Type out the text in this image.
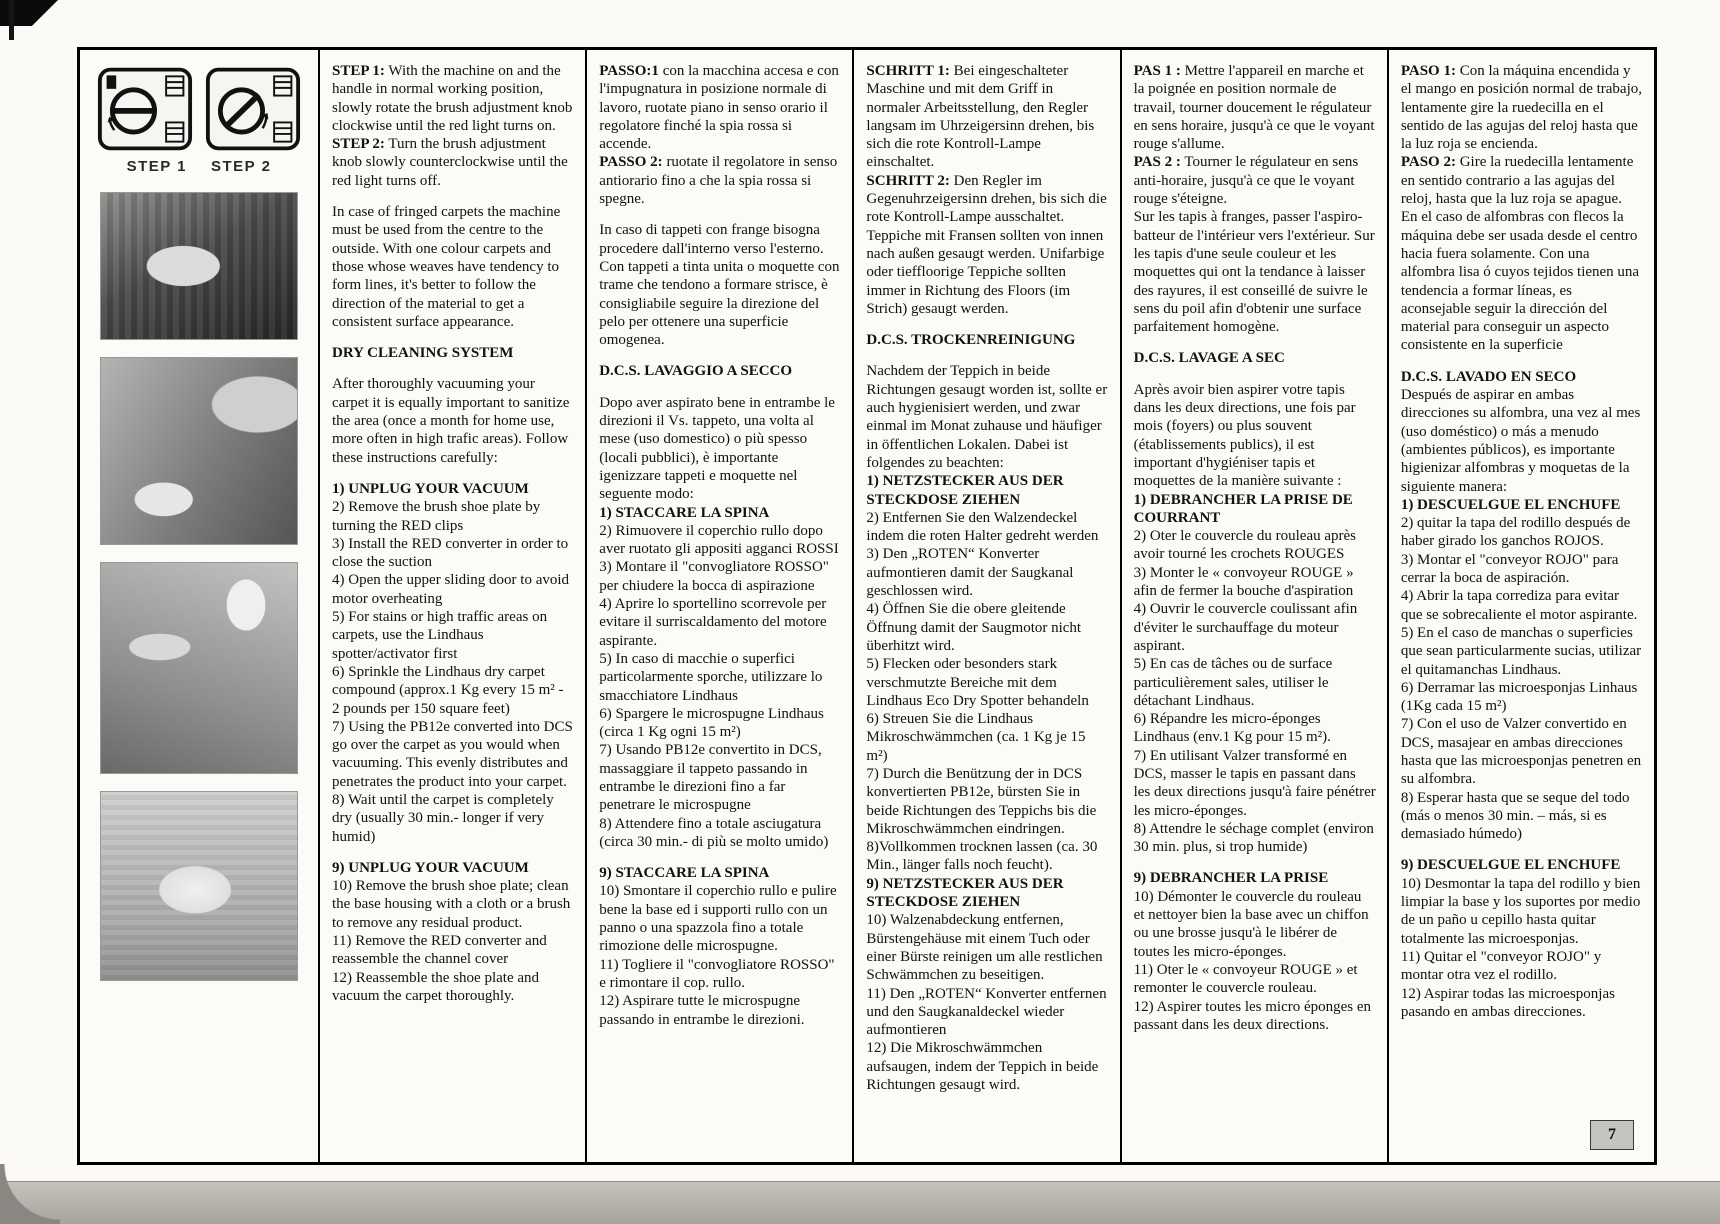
STEP 1 STEP 2

STEP 1: With the machine on and the handle in normal working position, slowly rotate the brush adjustment knob clockwise until the red light turns on.

STEP 2: Turn the brush adjustment knob slowly counterclockwise until the red light turns off.

In case of fringed carpets the machine must be used from the centre to the outside. With one colour carpets and those whose weaves have tendency to form lines, it's better to follow the direction of the material to get a consistent surface appearance.

DRY CLEANING SYSTEM

After thoroughly vacuuming your carpet it is equally important to sanitize the area (once a month for home use, more often in high trafic areas). Follow these instructions carefully:

1) UNPLUG YOUR VACUUM

2) Remove the brush shoe plate by turning the RED clips

3) Install the RED converter in order to close the suction

4) Open the upper sliding door to avoid motor overheating

5) For stains or high traffic areas on carpets, use the Lindhaus spotter/activator first

6) Sprinkle the Lindhaus dry carpet compound (approx.1 Kg every 15 m² - 2 pounds per 150 square feet)

7) Using the PB12e converted into DCS go over the carpet as you would when vacuuming. This evenly distributes and penetrates the product into your carpet.

8) Wait until the carpet is completely dry (usually 30 min.- longer if very humid)

9) UNPLUG YOUR VACUUM

10) Remove the brush shoe plate; clean the base housing with a cloth or a brush to remove any residual product.

11) Remove the RED converter and reassemble the channel cover

12) Reassemble the shoe plate and vacuum the carpet thoroughly.

PASSO:1 con la macchina accesa e con l'impugnatura in posizione normale di lavoro, ruotate piano in senso orario il regolatore finché la spia rossa si accende.

PASSO 2: ruotate il regolatore in senso antiorario fino a che la spia rossa si spegne.

In caso di tappeti con frange bisogna procedere dall'interno verso l'esterno. Con tappeti a tinta unita o moquette con trame che tendono a formare strisce, è consigliabile seguire la direzione del pelo per ottenere una superficie omogenea.

D.C.S. LAVAGGIO A SECCO

Dopo aver aspirato bene in entrambe le direzioni il Vs. tappeto, una volta al mese (uso domestico) o più spesso (locali pubblici), è importante igenizzare tappeti e moquette nel seguente modo:

1) STACCARE LA SPINA

2) Rimuovere il coperchio rullo dopo aver ruotato gli appositi agganci ROSSI

3) Montare il "convogliatore ROSSO" per chiudere la bocca di aspirazione

4) Aprire lo sportellino scorrevole per evitare il surriscaldamento del motore aspirante.

5) In caso di macchie o superfici particolarmente sporche, utilizzare lo smacchiatore Lindhaus

6) Spargere le microspugne Lindhaus (circa 1 Kg ogni 15 m²)

7) Usando PB12e convertito in DCS, massaggiare il tappeto passando in entrambe le direzioni fino a far penetrare le microspugne

8) Attendere fino a totale asciugatura (circa 30 min.- di più se molto umido)

9) STACCARE LA SPINA

10) Smontare il coperchio rullo e pulire bene la base ed i supporti rullo con un panno o una spazzola fino a totale rimozione delle microspugne.

11) Togliere il "convogliatore ROSSO" e rimontare il cop. rullo.

12) Aspirare tutte le microspugne passando in entrambe le direzioni.

SCHRITT 1: Bei eingeschalteter Maschine und mit dem Griff in normaler Arbeitsstellung, den Regler langsam im Uhrzeigersinn drehen, bis sich die rote Kontroll-Lampe einschaltet.

SCHRITT 2: Den Regler im Gegenuhrzeigersinn drehen, bis sich die rote Kontroll-Lampe ausschaltet.

Teppiche mit Fransen sollten von innen nach außen gesaugt werden. Unifarbige oder tieffloorige Teppiche sollten immer in Richtung des Floors (im Strich) gesaugt werden.

D.C.S. TROCKENREINIGUNG

Nachdem der Teppich in beide Richtungen gesaugt worden ist, sollte er auch hygienisiert werden, und zwar einmal im Monat zuhause und häufiger in öffentlichen Lokalen. Dabei ist folgendes zu beachten:

1) NETZSTECKER AUS DER STECKDOSE ZIEHEN

2) Entfernen Sie den Walzendeckel indem die roten Halter gedreht werden

3) Den „ROTEN“ Konverter aufmontieren damit der Saugkanal geschlossen wird.

4) Öffnen Sie die obere gleitende Öffnung damit der Saugmotor nicht überhitzt wird.

5) Flecken oder besonders stark verschmutzte Bereiche mit dem Lindhaus Eco Dry Spotter behandeln

6) Streuen Sie die Lindhaus Mikroschwämmchen (ca. 1 Kg je 15 m²)

7) Durch die Benützung der in DCS konvertierten PB12e, bürsten Sie in beide Richtungen des Teppichs bis die Mikroschwämmchen eindringen.

8)Vollkommen trocknen lassen (ca. 30 Min., länger falls noch feucht).

9) NETZSTECKER AUS DER STECKDOSE ZIEHEN

10) Walzenabdeckung entfernen, Bürstengehäuse mit einem Tuch oder einer Bürste reinigen um alle restlichen Schwämmchen zu beseitigen.

11) Den „ROTEN“ Konverter entfernen und den Saugkanaldeckel wieder aufmontieren

12) Die Mikroschwämmchen aufsaugen, indem der Teppich in beide Richtungen gesaugt wird.

PAS 1 : Mettre l'appareil en marche et la poignée en position normale de travail, tourner doucement le régulateur en sens horaire, jusqu'à ce que le voyant rouge s'allume.

PAS 2 : Tourner le régulateur en sens anti-horaire, jusqu'à ce que le voyant rouge s'éteigne.

Sur les tapis à franges, passer l'aspiro-batteur de l'intérieur vers l'extérieur. Sur les tapis d'une seule couleur et les moquettes qui ont la tendance à laisser des rayures, il est conseillé de suivre le sens du poil afin d'obtenir une surface parfaitement homogène.

D.C.S. LAVAGE A SEC

Après avoir bien aspirer votre tapis dans les deux directions, une fois par mois (foyers) ou plus souvent (établissements publics), il est important d'hygiéniser tapis et moquettes de la manière suivante :

1) DEBRANCHER LA PRISE DE COURRANT

2) Oter le couvercle du rouleau après avoir tourné les crochets ROUGES

3) Monter le « convoyeur ROUGE » afin de fermer la bouche d'aspiration

4) Ouvrir le couvercle coulissant afin d'éviter le surchauffage du moteur aspirant.

5) En cas de tâches ou de surface particulièrement sales, utiliser le détachant Lindhaus.

6) Répandre les micro-éponges Lindhaus (env.1 Kg pour 15 m²).

7) En utilisant Valzer transformé en DCS, masser le tapis en passant dans les deux directions jusqu'à faire pénétrer les micro-éponges.

8) Attendre le séchage complet (environ 30 min. plus, si trop humide)

9) DEBRANCHER LA PRISE

10) Démonter le couvercle du rouleau et nettoyer bien la base avec un chiffon ou une brosse jusqu'à le libérer de toutes les micro-éponges.

11) Oter le « convoyeur ROUGE » et remonter le couvercle rouleau.

12) Aspirer toutes les micro éponges en passant dans les deux directions.

PASO 1: Con la máquina encendida y el mango en posición normal de trabajo, lentamente gire la ruedecilla en el sentido de las agujas del reloj hasta que la luz roja se encienda.

PASO 2: Gire la ruedecilla lentamente en sentido contrario a las agujas del reloj, hasta que la luz roja se apague.

En el caso de alfombras con flecos la máquina debe ser usada desde el centro hacia fuera solamente. Con una alfombra lisa ó cuyos tejidos tienen una tendencia a formar líneas, es aconsejable seguir la dirección del material para conseguir un aspecto consistente en la superficie

D.C.S. LAVADO EN SECO

Después de aspirar en ambas direcciones su alfombra, una vez al mes (uso doméstico) o más a menudo (ambientes públicos), es importante higienizar alfombras y moquetas de la siguiente manera:

1) DESCUELGUE EL ENCHUFE

2) quitar la tapa del rodillo después de haber girado los ganchos ROJOS.

3) Montar el "conveyor ROJO" para cerrar la boca de aspiración.

4) Abrir la tapa corrediza para evitar que se sobrecaliente el motor aspirante.

5) En el caso de manchas o superficies que sean particularmente sucias, utilizar el quitamanchas Lindhaus.

6) Derramar las microesponjas Linhaus (1Kg cada 15 m²)

7) Con el uso de Valzer convertido en DCS, masajear en ambas direcciones hasta que las microesponjas penetren en su alfombra.

8) Esperar hasta que se seque del todo (más o menos 30 min. – más, si es demasiado húmedo)

9) DESCUELGUE EL ENCHUFE

10) Desmontar la tapa del rodillo y bien limpiar la base y los suportes por medio de un paño u cepillo hasta quitar totalmente las microesponjas.

11) Quitar el "conveyor ROJO" y montar otra vez el rodillo.

12) Aspirar todas las microesponjas pasando en ambas direcciones.

7
